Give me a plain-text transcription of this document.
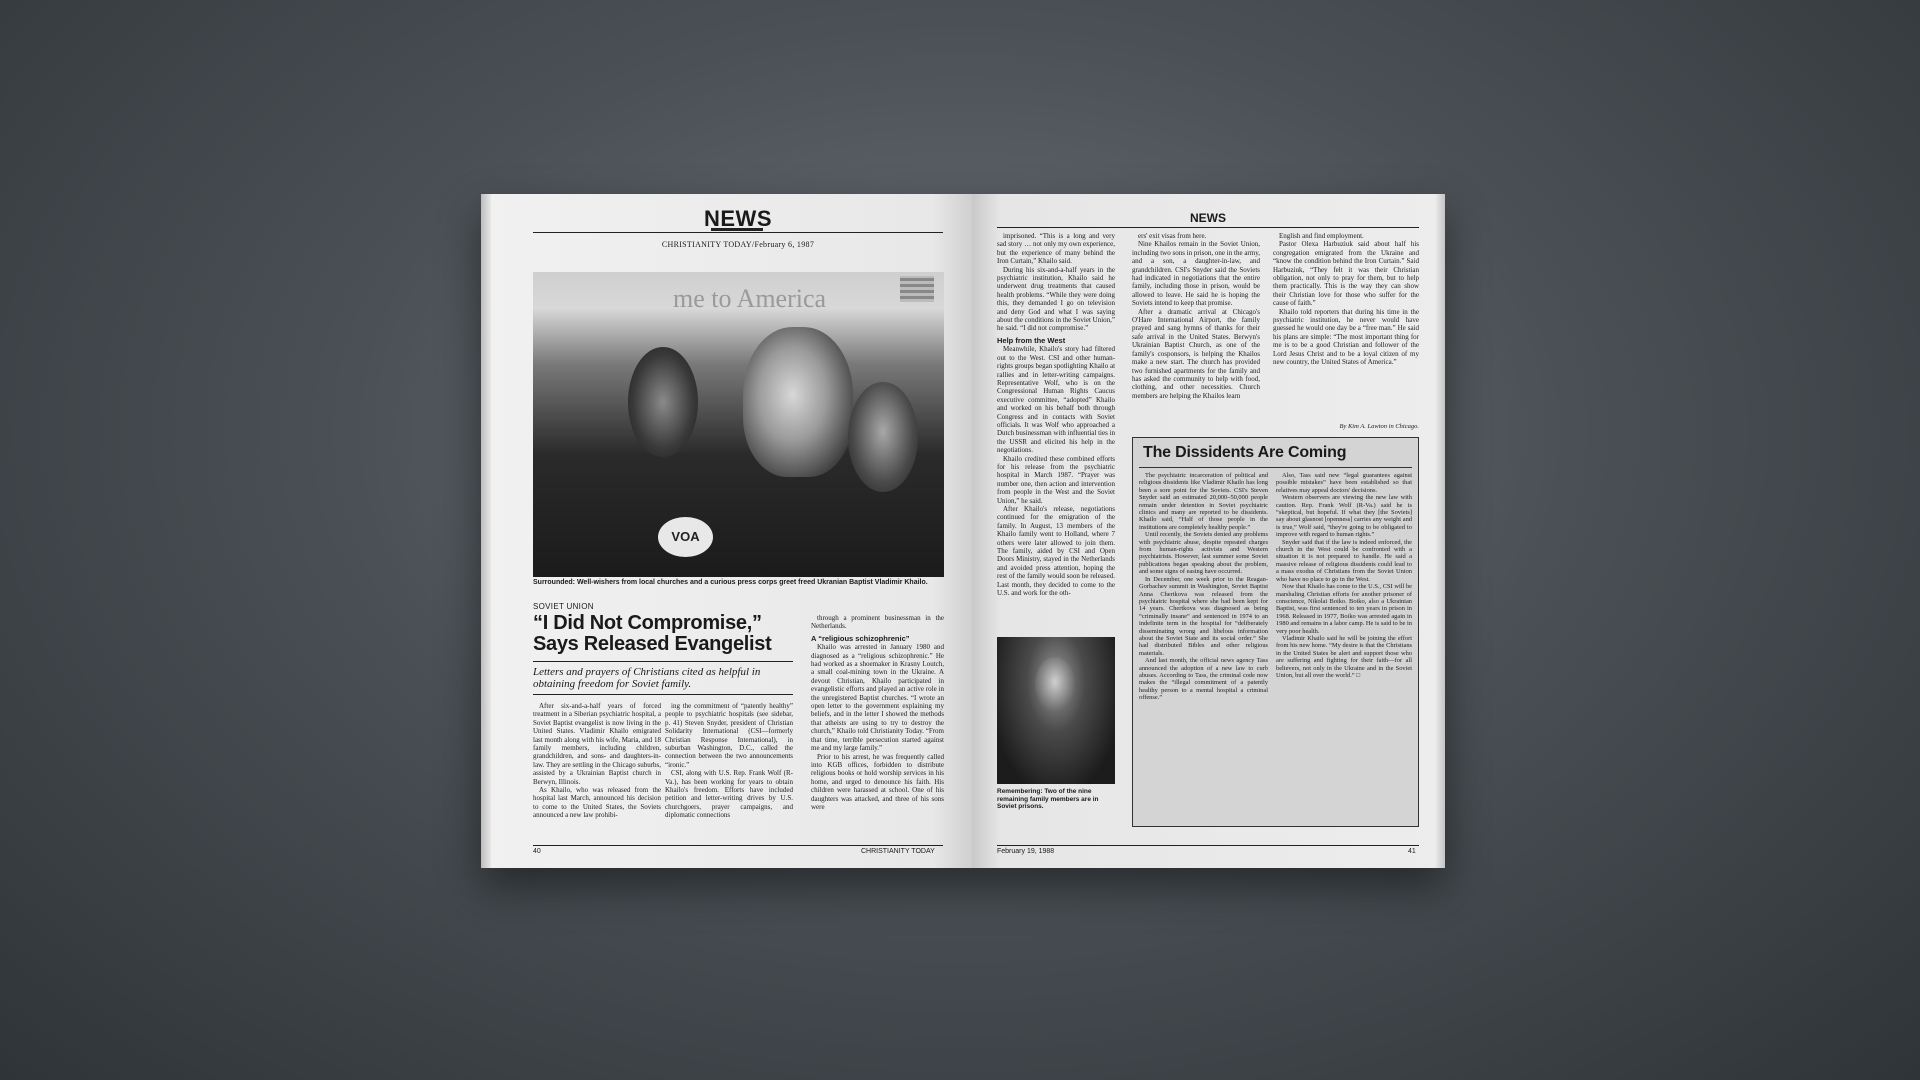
NEWS
CHRISTIANITY TODAY/February 6, 1987
me to America
VOA
Surrounded: Well-wishers from local churches and a curious press corps greet freed Ukranian Baptist Vladimir Khailo.
SOVIET UNION
“I Did Not Compromise,”
Says Released Evangelist
Letters and prayers of Christians cited as helpful in obtaining freedom for Soviet family.

After six-and-a-half years of forced treatment in a Siberian psychiatric hospital, a Soviet Baptist evangelist is now living in the United States. Vladimir Khailo emigrated last month along with his wife, Maria, and 18 family members, including children, grandchildren, and sons- and daughters-in-law. They are settling in the Chicago suburbs, assisted by a Ukrainian Baptist church in Berwyn, Illinois.

As Khailo, who was released from the hospital last March, announced his decision to come to the United States, the Soviets announced a new law prohibi-

ing the commitment of “patently healthy” people to psychiatric hospitals (see sidebar, p. 41) Steven Snyder, president of Christian Solidarity International (CSI—formerly Christian Response International), in suburban Washington, D.C., called the connection between the two announcements “ironic.”

CSI, along with U.S. Rep. Frank Wolf (R-Va.), has been working for years to obtain Khailo's freedom. Efforts have included petition and letter-writing drives by U.S. churchgoers, prayer campaigns, and diplomatic connections

through a prominent businessman in the Netherlands.

A “religious schizophrenic”

Khailo was arrested in January 1980 and diagnosed as a “religious schizophrenic.” He had worked as a shoemaker in Krasny Loutch, a small coal-mining town in the Ukraine. A devout Christian, Khailo participated in evangelistic efforts and played an active role in the unregistered Baptist churches. “I wrote an open letter to the government explaining my beliefs, and in the letter I showed the methods that atheists are using to try to destroy the church,” Khailo told Christianity Today. “From that time, terrible persecution started against me and my large family.”

Prior to his arrest, he was frequently called into KGB offices, forbidden to distribute religious books or hold worship services in his home, and urged to denounce his faith. His children were harassed at school. One of his daughters was attacked, and three of his sons were

40	CHRISTIANITY TODAY
NEWS

imprisoned. “This is a long and very sad story … not only my own experience, but the experience of many behind the Iron Curtain,” Khailo said.

During his six-and-a-half years in the psychiatric institution, Khailo said he underwent drug treatments that caused health problems. “While they were doing this, they demanded I go on television and deny God and what I was saying about the conditions in the Soviet Union,” he said. “I did not compromise.”

Help from the West

Meanwhile, Khailo's story had filtered out to the West. CSI and other human-rights groups began spotlighting Khailo at rallies and in letter-writing campaigns. Representative Wolf, who is on the Congressional Human Rights Caucus executive committee, “adopted” Khailo and worked on his behalf both through Congress and in contacts with Soviet officials. It was Wolf who approached a Dutch businessman with influential ties in the USSR and elicited his help in the negotiations.

Khailo credited these combined efforts for his release from the psychiatric hospital in March 1987. “Prayer was number one, then action and intervention from people in the West and the Soviet Union,” he said.

After Khailo's release, negotiations continued for the emigration of the family. In August, 13 members of the Khailo family went to Holland, where 7 others were later allowed to join them. The family, aided by CSI and Open Doors Ministry, stayed in the Netherlands and avoided press attention, hoping the rest of the family would soon be released. Last month, they decided to come to the U.S. and work for the oth-

ers' exit visas from here.

Nine Khailos remain in the Soviet Union, including two sons in prison, one in the army, and a son, a daughter-in-law, and grandchildren. CSI's Snyder said the Soviets had indicated in negotiations that the entire family, including those in prison, would be allowed to leave. He said he is hoping the Soviets intend to keep that promise.

After a dramatic arrival at Chicago's O'Hare International Airport, the family prayed and sang hymns of thanks for their safe arrival in the United States. Berwyn's Ukrainian Baptist Church, as one of the family's cosponsors, is helping the Khailos make a new start. The church has provided two furnished apartments for the family and has asked the community to help with food, clothing, and other necessities. Church members are helping the Khailos learn

English and find employment.

Pastor Olexa Harbuziuk said about half his congregation emigrated from the Ukraine and “know the condition behind the Iron Curtain.” Said Harbuziuk, “They felt it was their Christian obligation, not only to pray for them, but to help them practically. This is the way they can show their Christian love for those who suffer for the cause of faith.”

Khailo told reporters that during his time in the psychiatric institution, he never would have guessed he would one day be a “free man.” He said his plans are simple: “The most important thing for me is to be a good Christian and follower of the Lord Jesus Christ and to be a loyal citizen of my new country, the United States of America.”

By Kim A. Lawton in Chicago.
Remembering: Two of the nine remaining family members are in Soviet prisons.
The Dissidents Are Coming

The psychiatric incarceration of political and religious dissidents like Vladimir Khailo has long been a sore point for the Soviets. CSI's Steven Snyder said an estimated 20,000–50,000 people remain under detention in Soviet psychiatric clinics and many are reported to be dissidents. Khailo said, “Half of those people in the institutions are completely healthy people.”

Until recently, the Soviets denied any problems with psychiatric abuse, despite repeated charges from human-rights activists and Western psychiatrists. However, last summer some Soviet publications began speaking about the problem, and some signs of easing have occurred.

In December, one week prior to the Reagan-Gorbachev summit in Washington, Soviet Baptist Anna Chertkova was released from the psychiatric hospital where she had been kept for 14 years. Chertkova was diagnosed as being “criminally insane” and sentenced in 1974 to an indefinite term in the hospital for “deliberately disseminating wrong and libelous information about the Soviet State and its social order.” She had distributed Bibles and other religious materials.

And last month, the official news agency Tass announced the adoption of a new law to curb abuses. According to Tass, the criminal code now makes the “illegal commitment of a patently healthy person to a mental hospital a criminal offense.”

Also, Tass said new “legal guarantees against possible mistakes” have been established so that relatives may appeal doctors' decisions.

Western observers are viewing the new law with caution. Rep. Frank Wolf (R-Va.) said he is “skeptical, but hopeful. If what they [the Soviets] say about glasnost [openness] carries any weight and is true,” Wolf said, “they're going to be obligated to improve with regard to human rights.”

Snyder said that if the law is indeed enforced, the church in the West could be confronted with a situation it is not prepared to handle. He said a massive release of religious dissidents could lead to a mass exodus of Christians from the Soviet Union who have no place to go in the West.

Now that Khailo has come to the U.S., CSI will be marshaling Christian efforts for another prisoner of conscience, Nikolai Boiko. Boiko, also a Ukrainian Baptist, was first sentenced to ten years in prison in 1968. Released in 1977, Boiko was arrested again in 1980 and remains in a labor camp. He is said to be in very poor health.

Vladimir Khailo said he will be joining the effort from his new home. “My desire is that the Christians in the United States be alert and support those who are suffering and fighting for their faith—for all believers, not only in the Ukraine and in the Soviet Union, but all over the world.” □

February 19, 1988	41
